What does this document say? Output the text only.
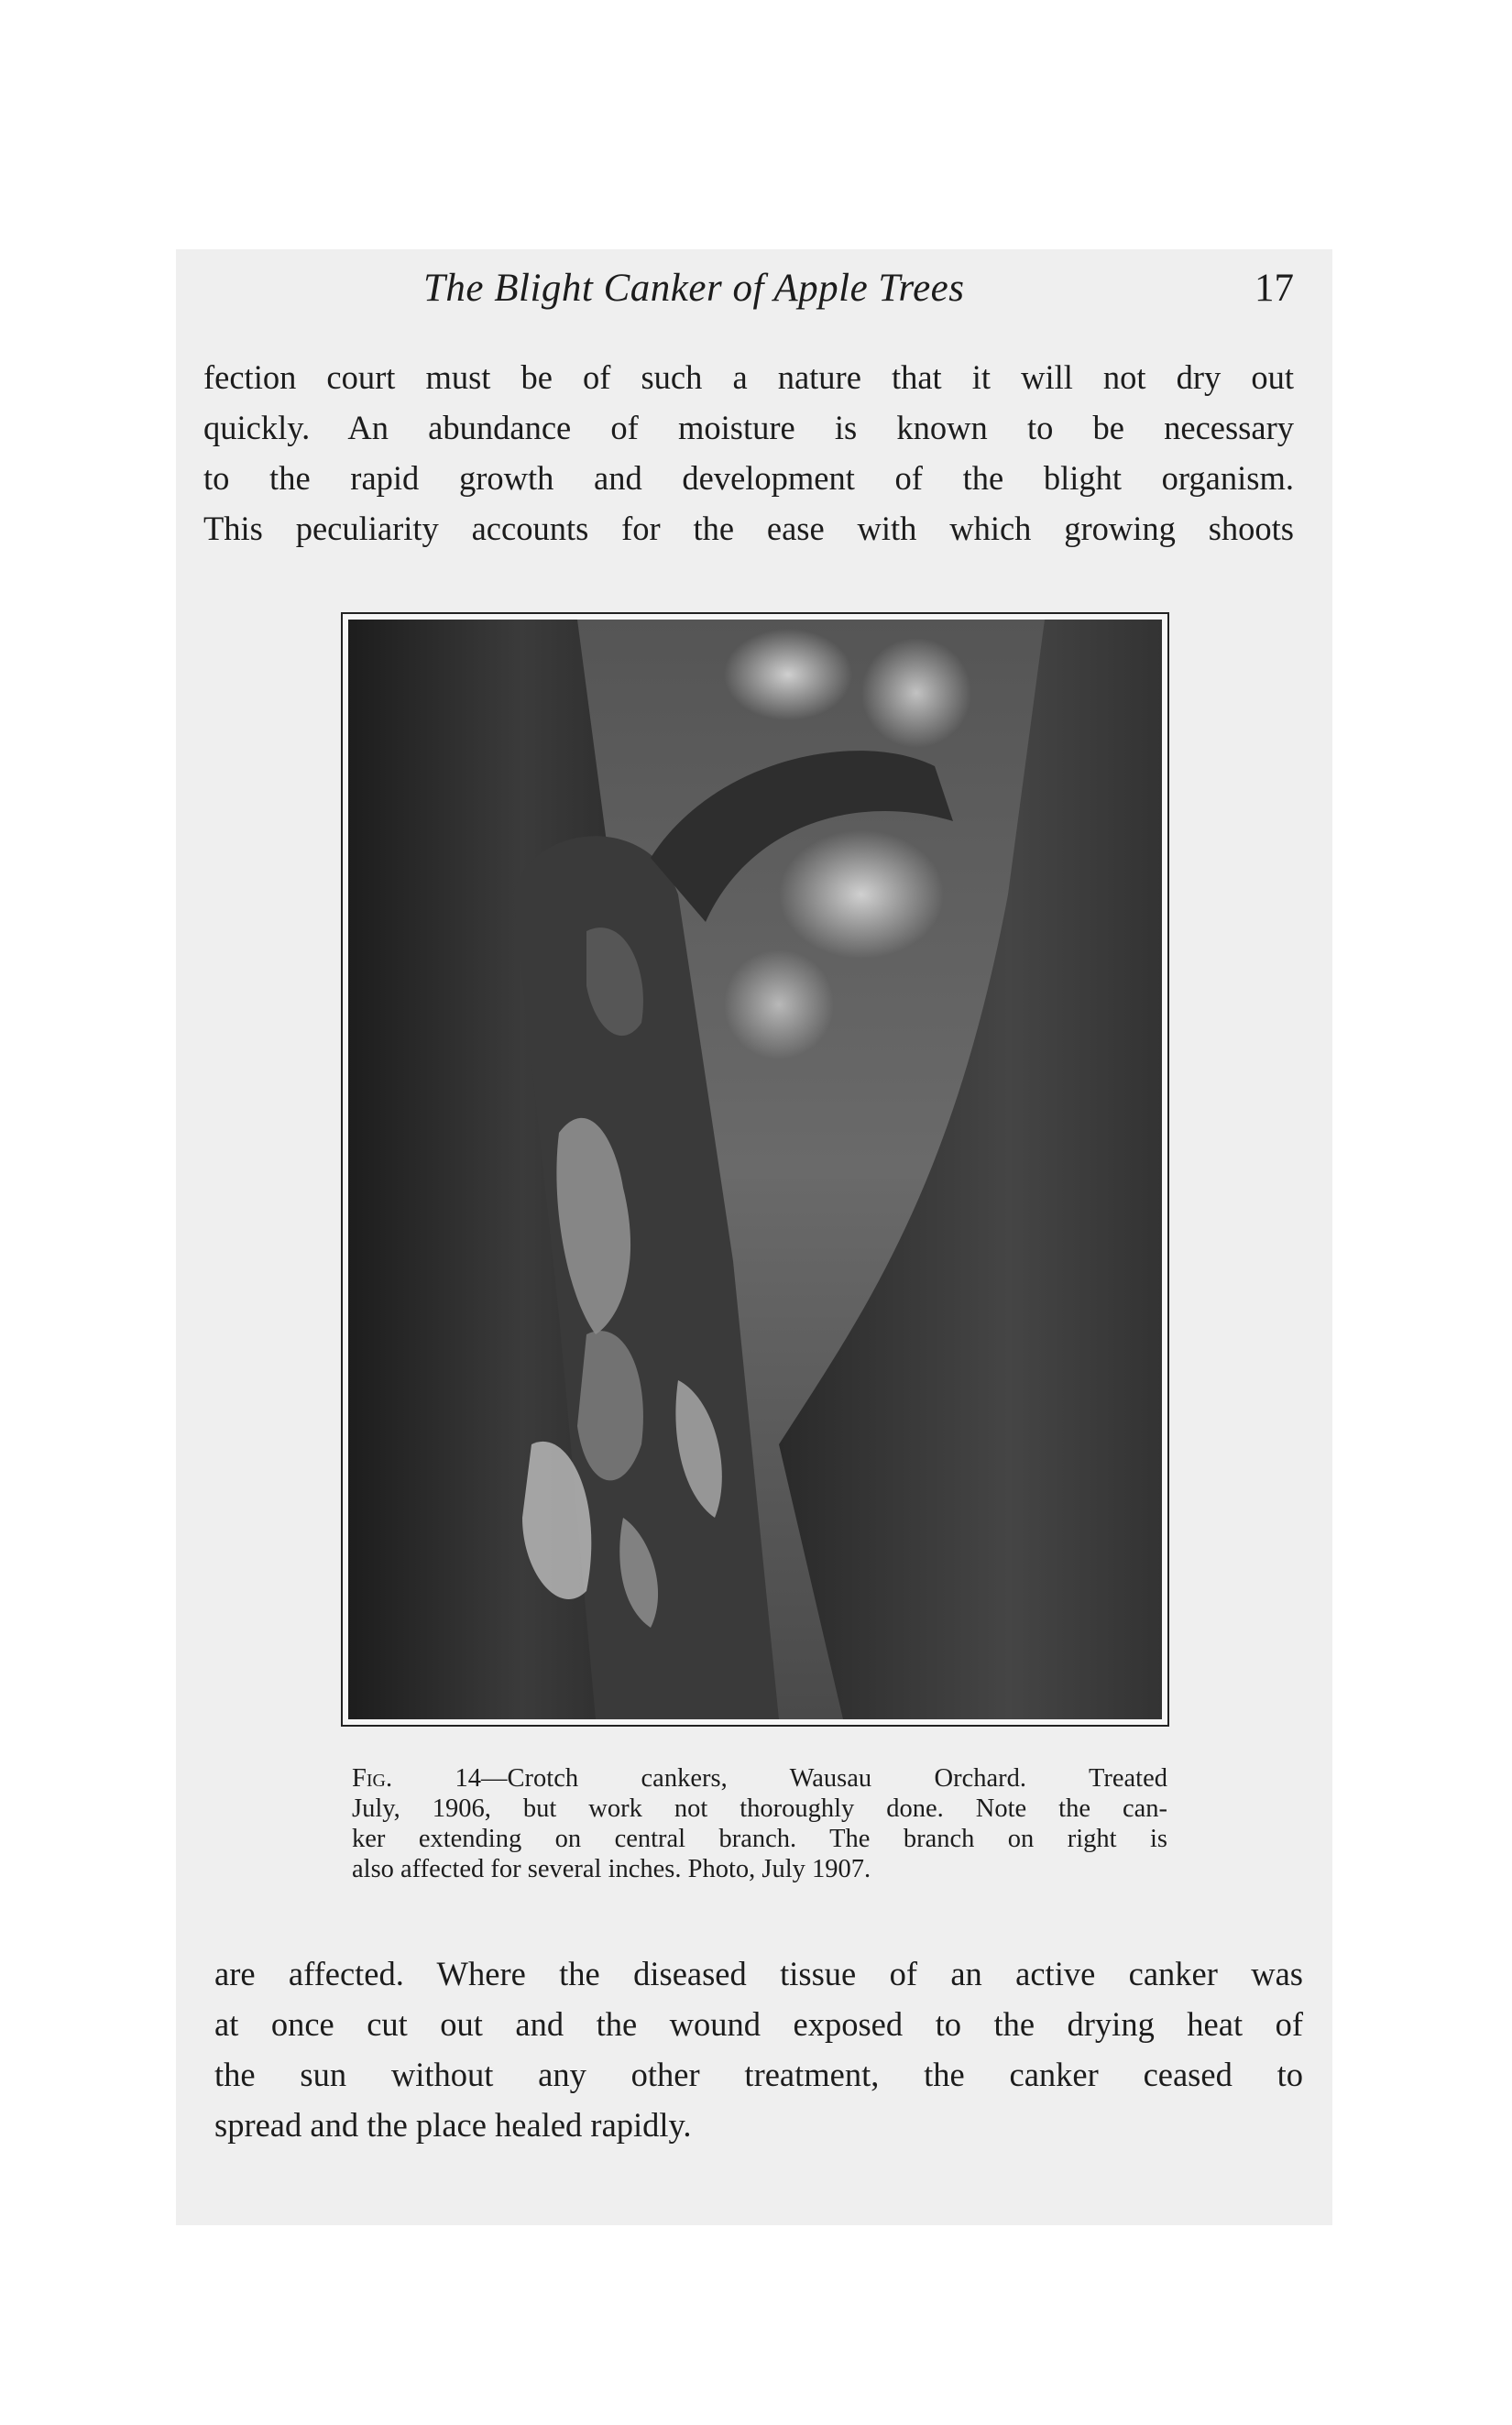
The Blight Canker of Apple Trees	17

fection court must be of such a nature that it will not dry out
quickly. An abundance of moisture is known to be necessary
to the rapid growth and development of the blight organism.
This peculiarity accounts for the ease with which growing shoots

Fig. 14—Crotch cankers, Wausau Orchard. Treated
July, 1906, but work not thoroughly done. Note the can-
ker extending on central branch. The branch on right is
also affected for several inches. Photo, July 1907.

are affected. Where the diseased tissue of an active canker was
at once cut out and the wound exposed to the drying heat of
the sun without any other treatment, the canker ceased to
spread and the place healed rapidly.
